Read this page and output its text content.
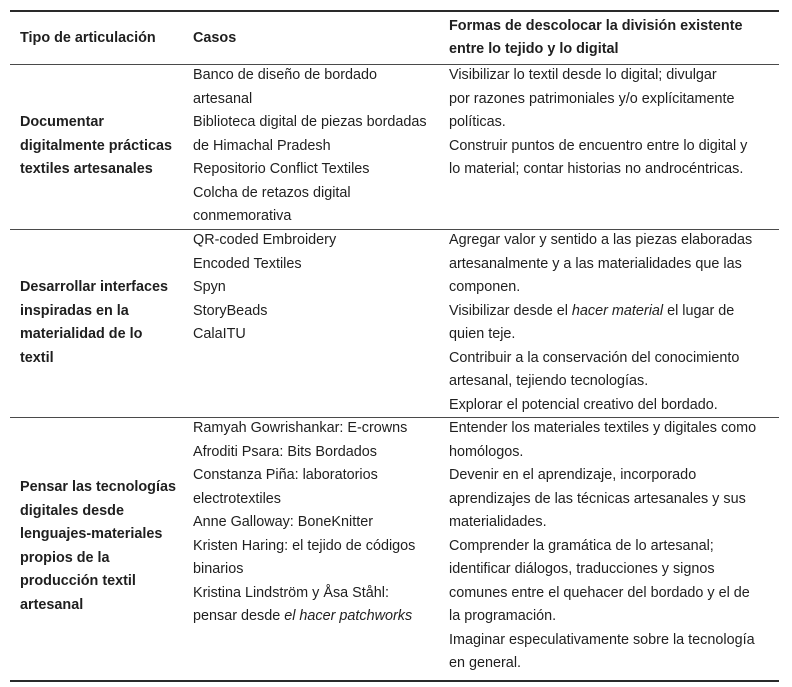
Tipo de articulación	Casos
Formas de descolocar la división existente
entre lo tejido y lo digital
Documentar
digitalmente prácticas
textiles artesanales
Banco de diseño de bordado
artesanal
Biblioteca digital de piezas bordadas
de Himachal Pradesh
Repositorio Conflict Textiles
Colcha de retazos digital
conmemorativa
Visibilizar lo textil desde lo digital; divulgar
por razones patrimoniales y/o explícitamente
políticas.
Construir puntos de encuentro entre lo digital y
lo material; contar historias no androcéntricas.
Desarrollar interfaces
inspiradas en la
materialidad de lo
textil
QR-coded Embroidery
Encoded Textiles
Spyn
StoryBeads
CalaITU
Agregar valor y sentido a las piezas elaboradas
artesanalmente y a las materialidades que las
componen.
Visibilizar desde el hacer material el lugar de
quien teje.
Contribuir a la conservación del conocimiento
artesanal, tejiendo tecnologías.
Explorar el potencial creativo del bordado.
Pensar las tecnologías
digitales desde
lenguajes-materiales
propios de la
producción textil
artesanal
Ramyah Gowrishankar: E-crowns
Afroditi Psara: Bits Bordados
Constanza Piña: laboratorios
electrotextiles
Anne Galloway: BoneKnitter
Kristen Haring: el tejido de códigos
binarios
Kristina Lindström y Åsa Ståhl:
pensar desde el hacer patchworks
Entender los materiales textiles y digitales como
homólogos.
Devenir en el aprendizaje, incorporado
aprendizajes de las técnicas artesanales y sus
materialidades.
Comprender la gramática de lo artesanal;
identificar diálogos, traducciones y signos
comunes entre el quehacer del bordado y el de
la programación.
Imaginar especulativamente sobre la tecnología
en general.
